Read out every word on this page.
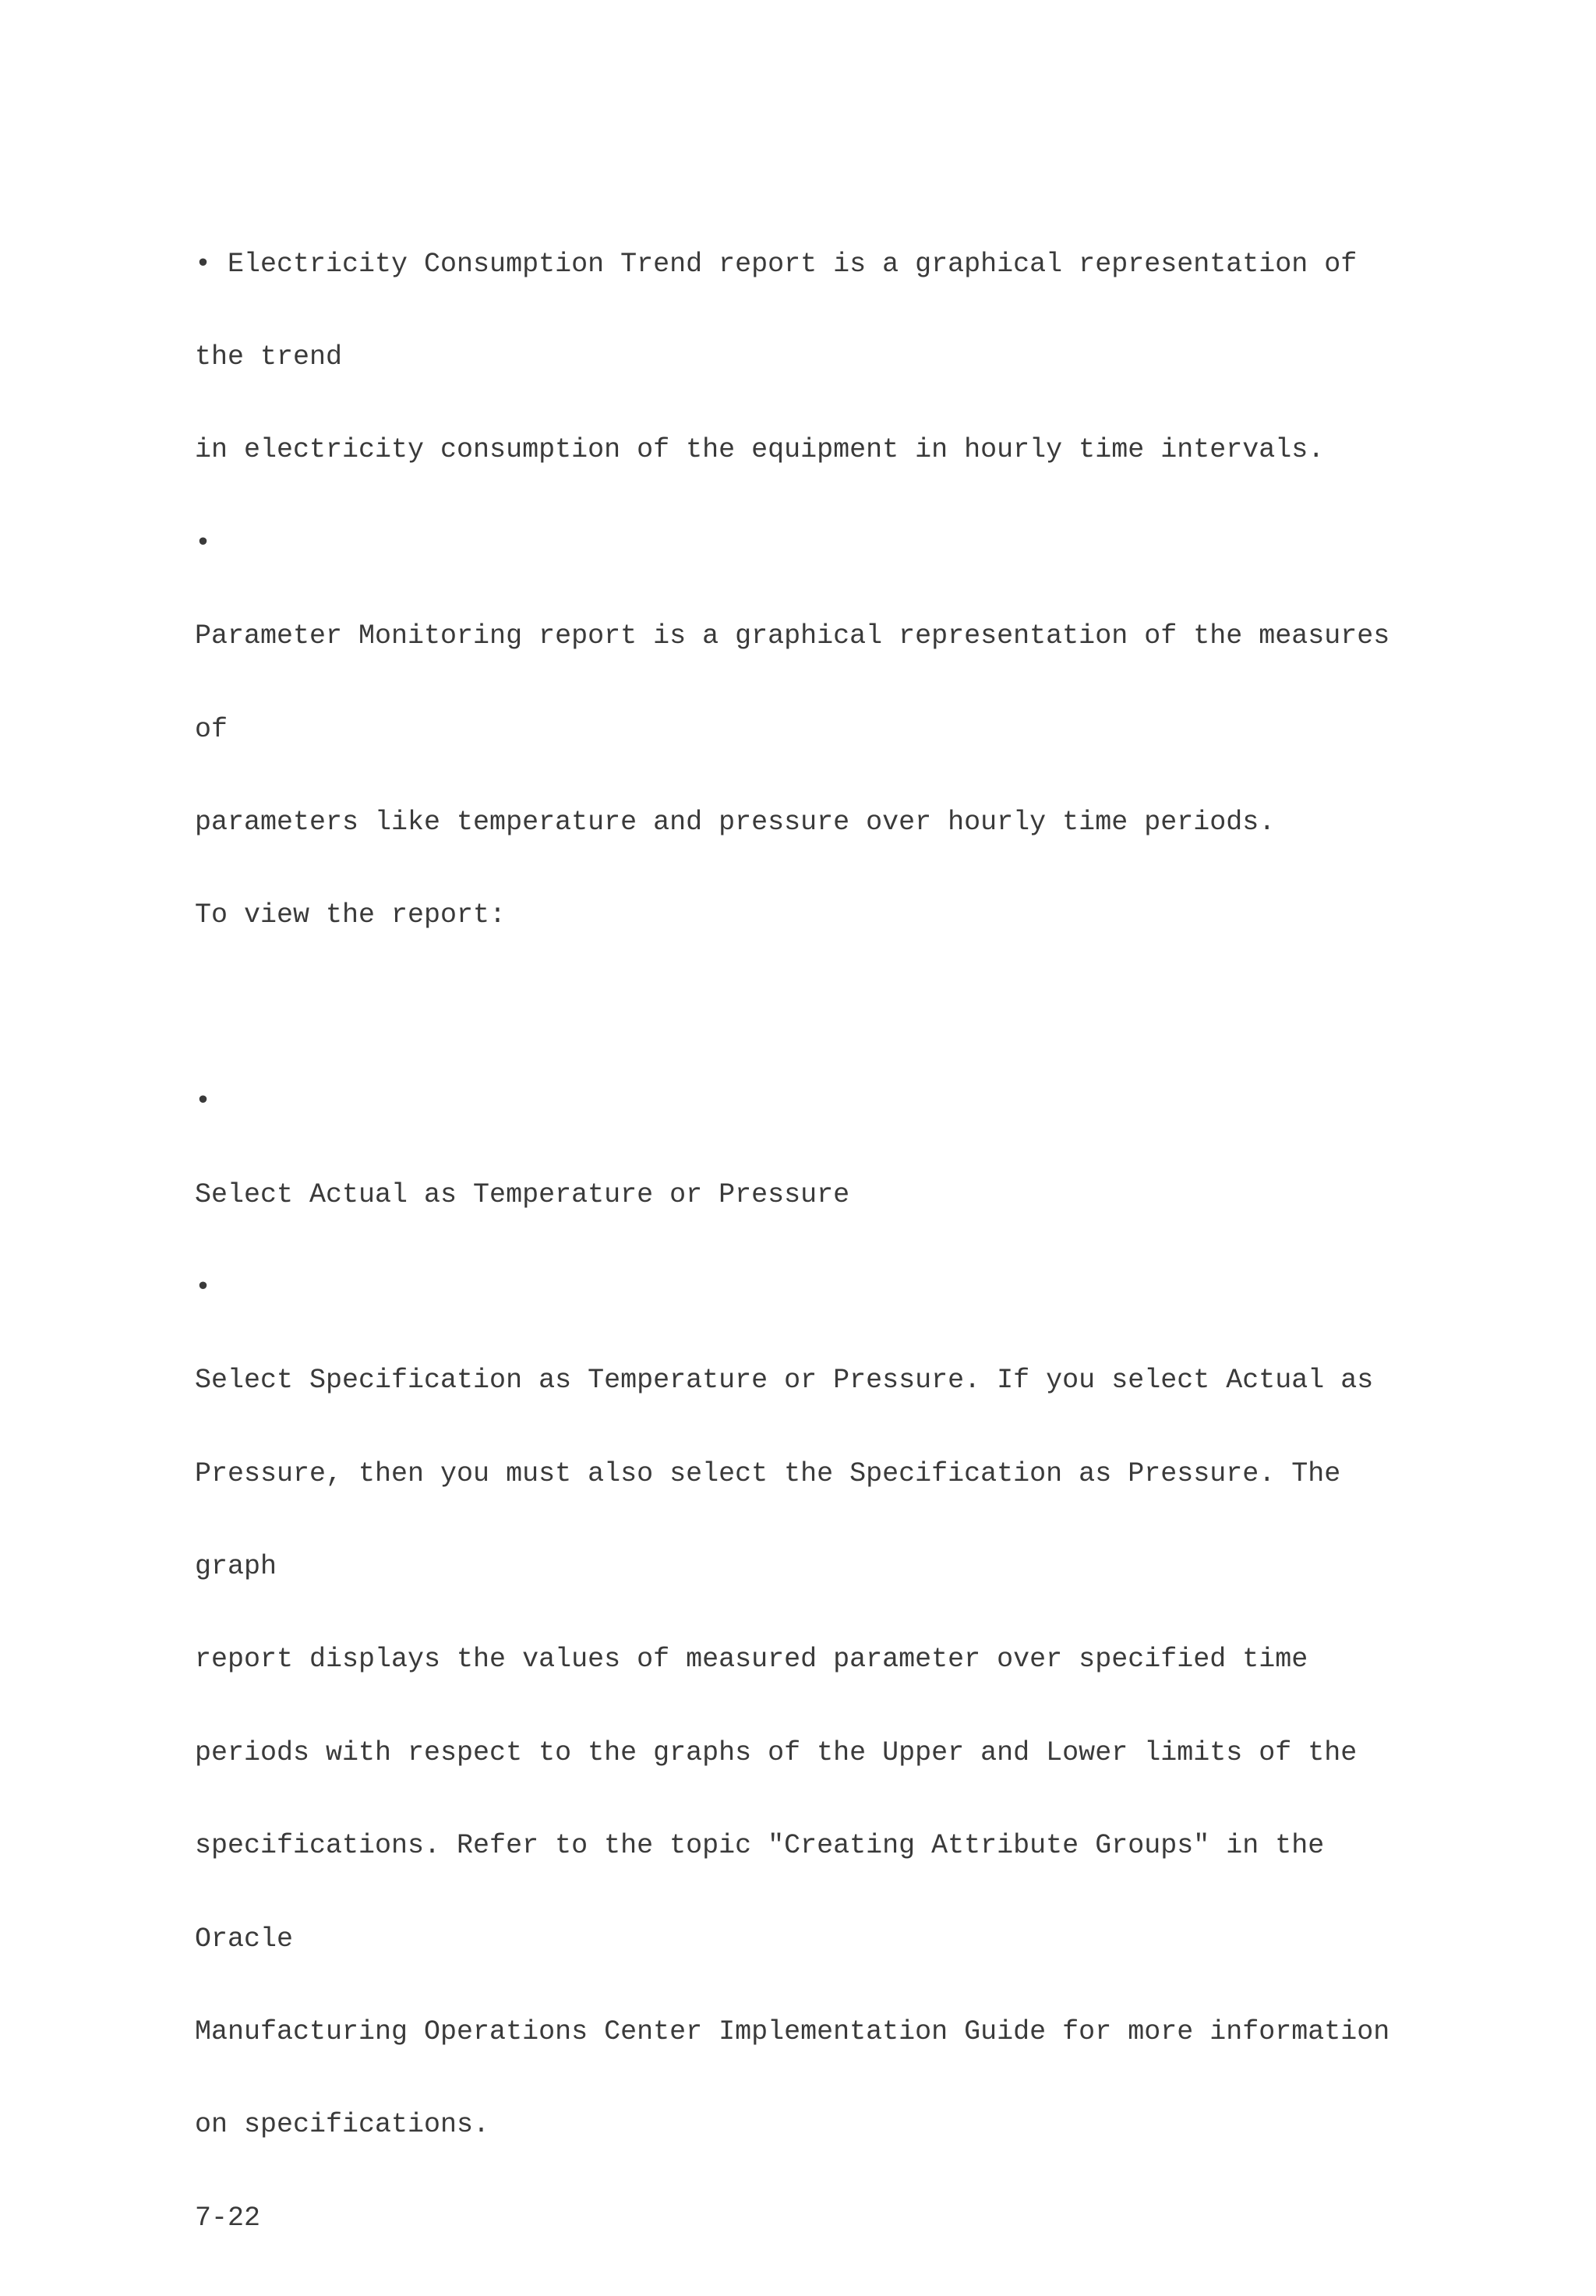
• Electricity Consumption Trend report is a graphical representation of

the trend

in electricity consumption of the equipment in hourly time intervals.

•

Parameter Monitoring report is a graphical representation of the measures

of

parameters like temperature and pressure over hourly time periods.

To view the report:

•

Select Actual as Temperature or Pressure

•

Select Specification as Temperature or Pressure. If you select Actual as

Pressure, then you must also select the Specification as Pressure. The

graph

report displays the values of measured parameter over specified time

periods with respect to the graphs of the Upper and Lower limits of the

specifications. Refer to the topic "Creating Attribute Groups" in the

Oracle

Manufacturing Operations Center Implementation Guide for more information

on specifications.

7-22
